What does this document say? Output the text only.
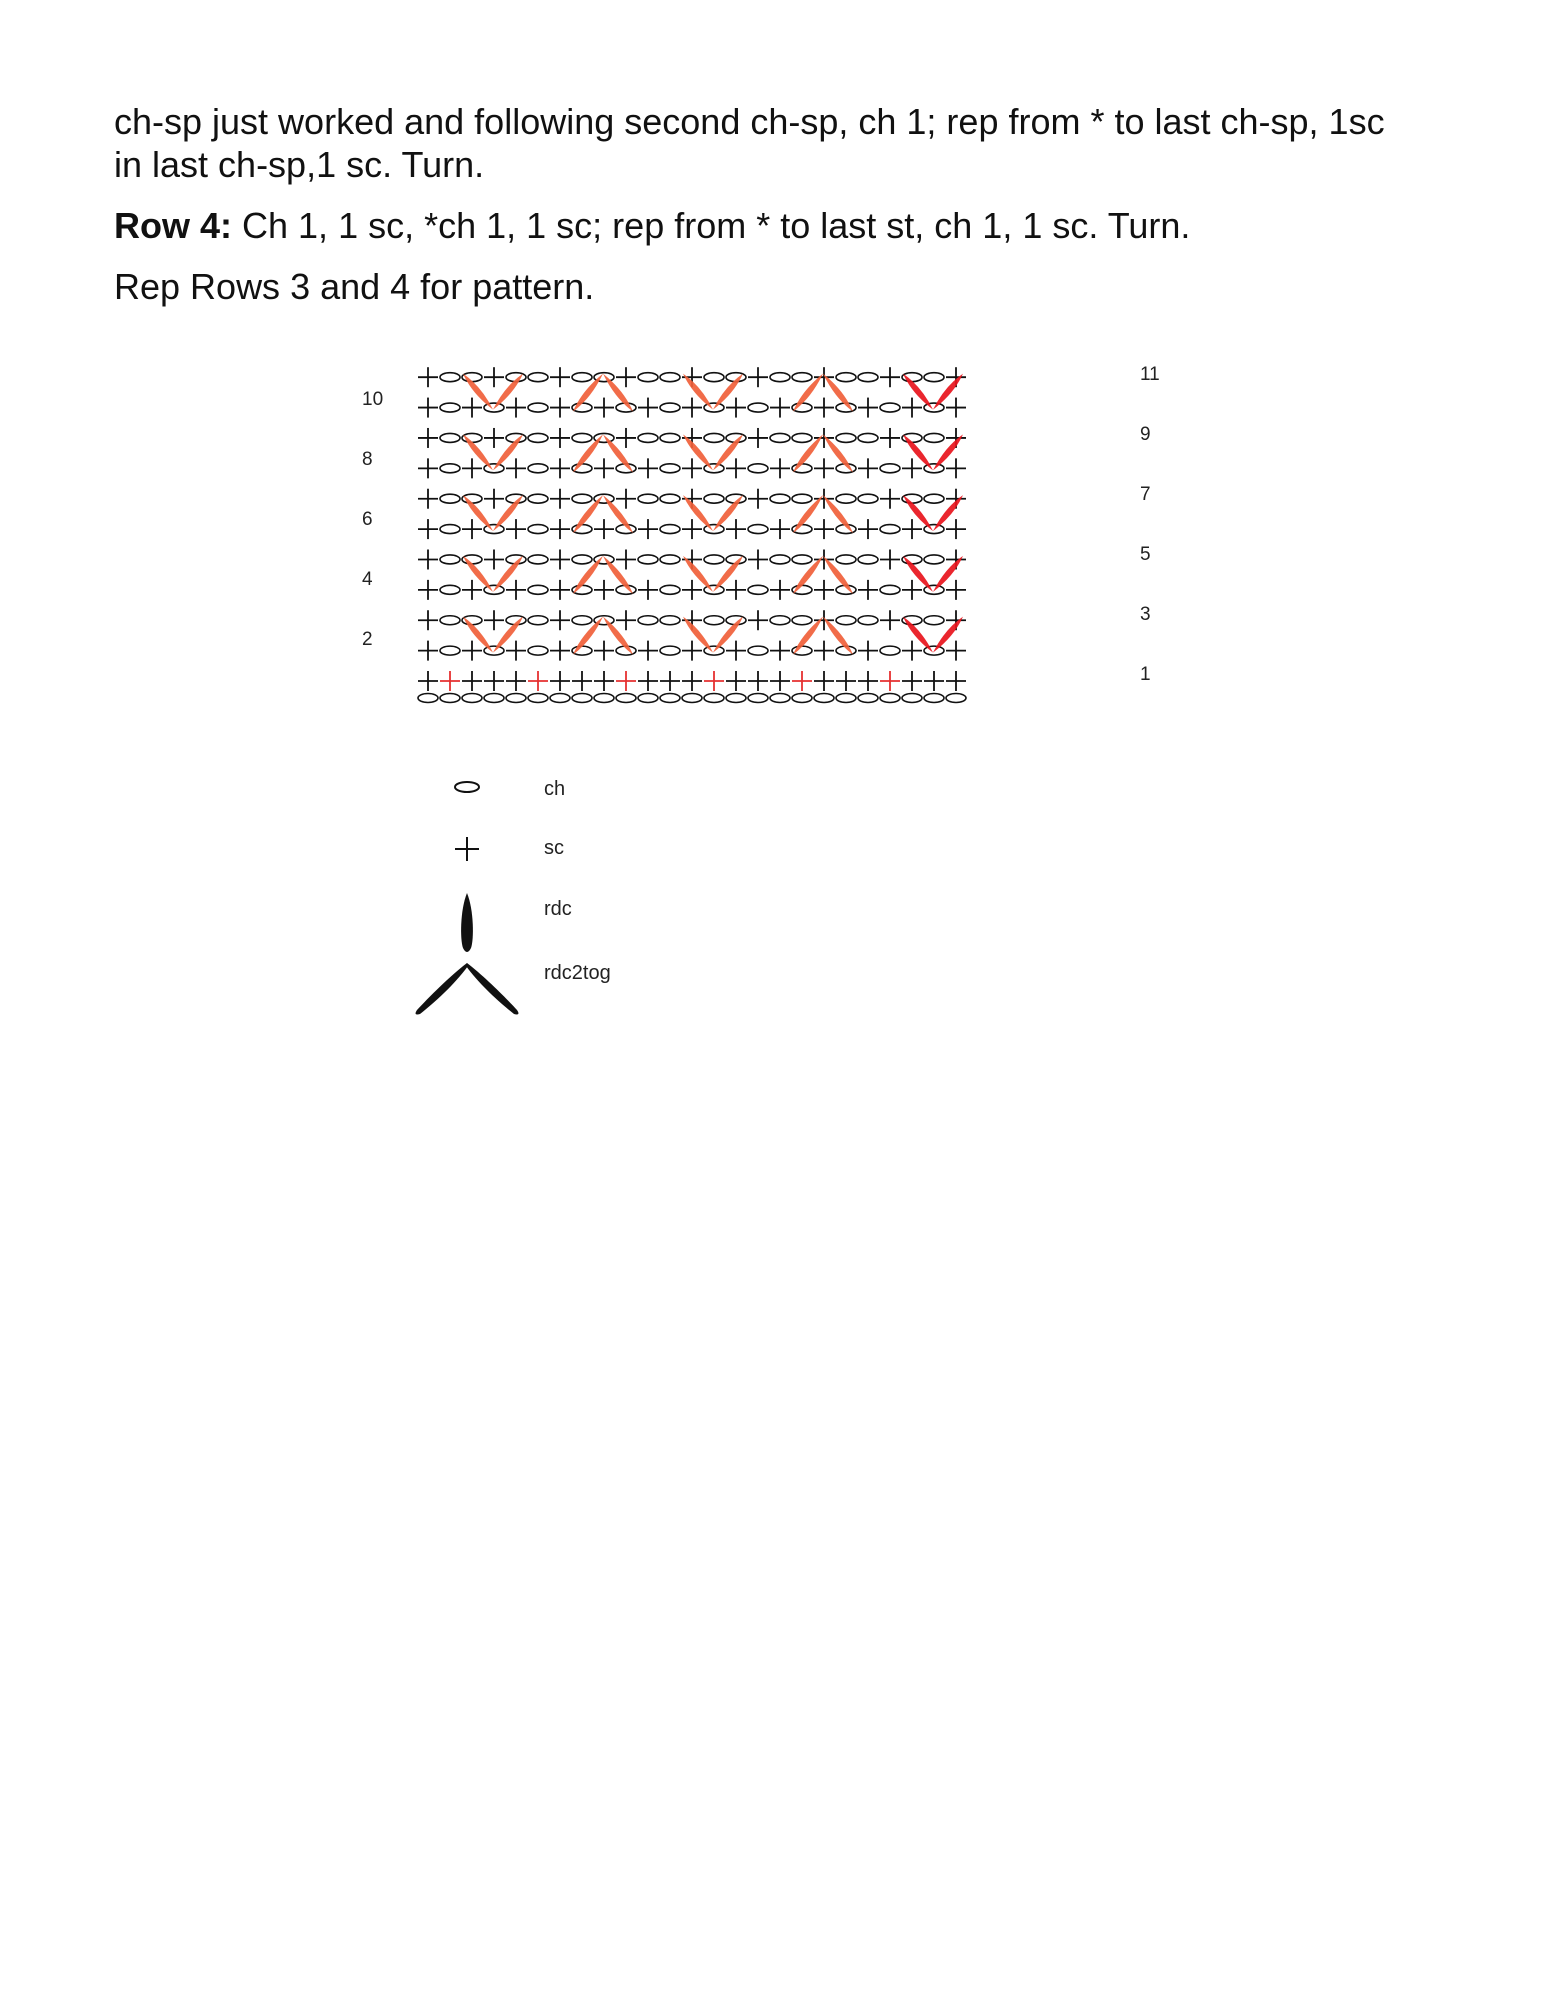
ch-sp just worked and following second ch-sp, ch 1; rep from * to last ch-sp, 1sc in last ch-sp,1 sc. Turn.

Row 4: Ch 1, 1 sc, *ch 1, 1 sc; rep from * to last st, ch 1, 1 sc. Turn.

Rep Rows 3 and 4 for pattern.

10
8
6
4
2
11
9
7
5
3
1
ch
sc
rdc
rdc2tog
